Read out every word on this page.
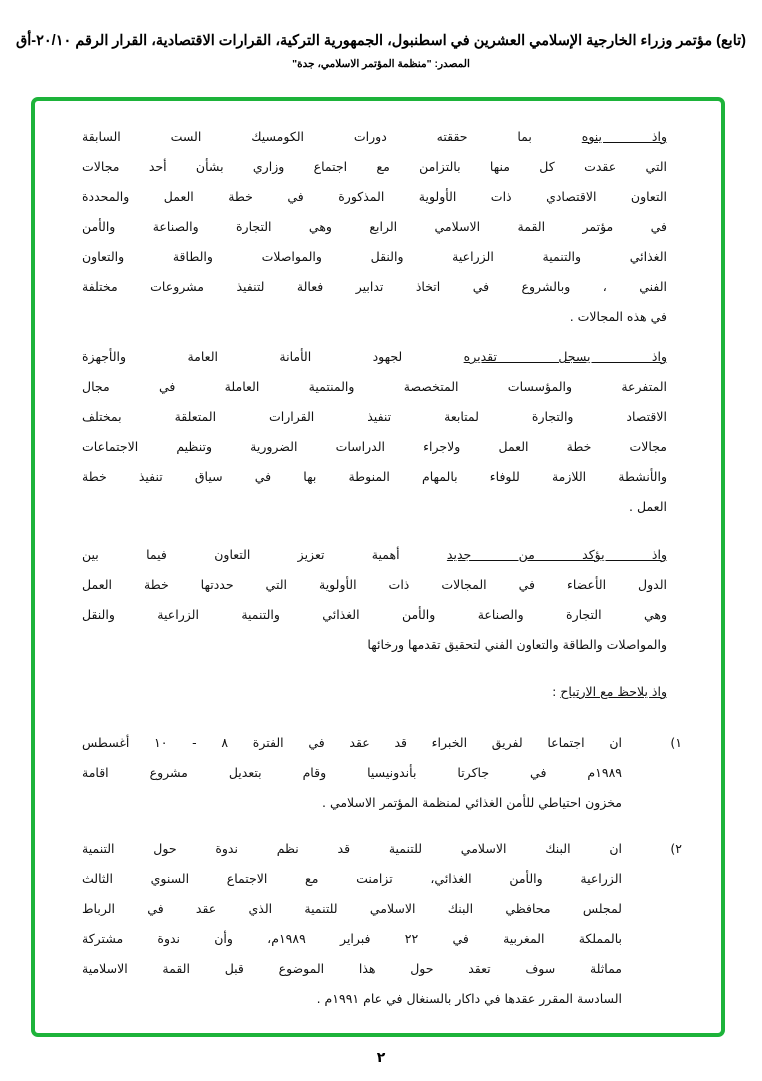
(تابع) مؤتمر وزراء الخارجية الإسلامي العشرين في اسطنبول، الجمهورية التركية، القرارات الاقتصادية، القرار الرقم ٢٠/١٠-أق
المصدر: "منظمة المؤتمر الاسلامي، جدة"
واذ ينوه بما حققته دورات الكومسيك الست السابقة
التي عقدت كل منها بالتزامن مع اجتماع وزاري بشأن أحد مجالات
التعاون الاقتصادي ذات الأولوية المذكورة في خطة العمل والمحددة
في مؤتمر القمة الاسلامي الرابع وهي التجارة والصناعة والأمن
الغذائي والتنمية الزراعية والنقل والمواصلات والطاقة والتعاون
الفني ، وبالشروع في اتخاذ تدابير فعالة لتنفيذ مشروعات مختلفة
في هذه المجالات .
واذ يسجل تقديره لجهود الأمانة العامة والأجهزة
المتفرعة والمؤسسات المتخصصة والمنتمية العاملة في مجال
الاقتصاد والتجارة لمتابعة تنفيذ القرارات المتعلقة بمختلف
مجالات خطة العمل ولاجراء الدراسات الضرورية وتنظيم الاجتماعات
والأنشطة اللازمة للوفاء بالمهام المنوطة بها في سياق تنفيذ خطة
العمل .
واذ يؤكد من جديد أهمية تعزيز التعاون فيما بين
الدول الأعضاء في المجالات ذات الأولوية التي حددتها خطة العمل
وهي التجارة والصناعة والأمن الغذائي والتنمية الزراعية والنقل
والمواصلات والطاقة والتعاون الفني لتحقيق تقدمها ورخائها
واذ يلاحظ مع الارتياح :
١)
ان اجتماعا لفريق الخبراء قد عقد في الفترة ٨ - ١٠ أغسطس
١٩٨٩م في جاكرتا بأندونيسيا وقام بتعديل مشروع اقامة
مخزون احتياطي للأمن الغذائي لمنظمة المؤتمر الاسلامي .
٢)
ان البنك الاسلامي للتنمية قد نظم ندوة حول التنمية
الزراعية والأمن الغذائي، تزامنت مع الاجتماع السنوي الثالث
لمجلس محافظي البنك الاسلامي للتنمية الذي عقد في الرباط
بالمملكة المغربية في ٢٢ فبراير ١٩٨٩م، وأن ندوة مشتركة
مماثلة سوف تعقد حول هذا الموضوع قبل القمة الاسلامية
السادسة المقرر عقدها في داكار بالسنغال في عام ١٩٩١م .
٢
